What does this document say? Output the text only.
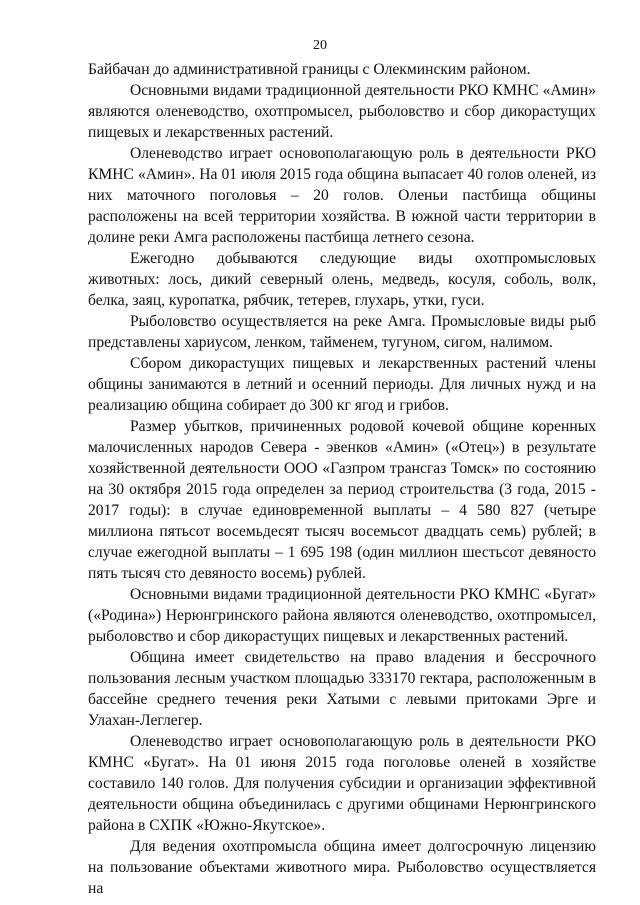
20

Байбачан до административной границы с Олекминским районом.

Основными видами традиционной деятельности РКО КМНС «Амин» являются оленеводство, охотпромысел, рыболовство и сбор дикорастущих пищевых и лекарственных растений.

Оленеводство играет основополагающую роль в деятельности РКО КМНС «Амин». На 01 июля 2015 года община выпасает 40 голов оленей, из них маточного поголовья – 20 голов. Оленьи пастбища общины расположены на всей территории хозяйства. В южной части территории в долине реки Амга расположены пастбища летнего сезона.

Ежегодно добываются следующие виды охотпромысловых животных: лось, дикий северный олень, медведь, косуля, соболь, волк, белка, заяц, куропатка, рябчик, тетерев, глухарь, утки, гуси.

Рыболовство осуществляется на реке Амга. Промысловые виды рыб представлены хариусом, ленком, тайменем, тугуном, сигом, налимом.

Сбором дикорастущих пищевых и лекарственных растений члены общины занимаются в летний и осенний периоды. Для личных нужд и на реализацию община собирает до 300 кг ягод и грибов.

Размер убытков, причиненных родовой кочевой общине коренных малочисленных народов Севера - эвенков «Амин» («Отец») в результате хозяйственной деятельности ООО «Газпром трансгаз Томск» по состоянию на 30 октября 2015 года определен за период строительства (3 года, 2015 - 2017 годы): в случае единовременной выплаты – 4 580 827 (четыре миллиона пятьсот восемьдесят тысяч восемьсот двадцать семь) рублей; в случае ежегодной выплаты – 1 695 198 (один миллион шестьсот девяносто пять тысяч сто девяносто восемь) рублей.

Основными видами традиционной деятельности РКО КМНС «Бугат» («Родина») Нерюнгринского района являются оленеводство, охотпромысел, рыболовство и сбор дикорастущих пищевых и лекарственных растений.

Община имеет свидетельство на право владения и бессрочного пользования лесным участком площадью 333170 гектара, расположенным в бассейне среднего течения реки Хатыми с левыми притоками Эрге и Улахан-Леглегер.

Оленеводство играет основополагающую роль в деятельности РКО КМНС «Бугат». На 01 июня 2015 года поголовье оленей в хозяйстве составило 140 голов. Для получения субсидии и организации эффективной деятельности община объединилась с другими общинами Нерюнгринского района в СХПК «Южно-Якутское».

Для ведения охотпромысла община имеет долгосрочную лицензию на пользование объектами животного мира. Рыболовство осуществляется на
